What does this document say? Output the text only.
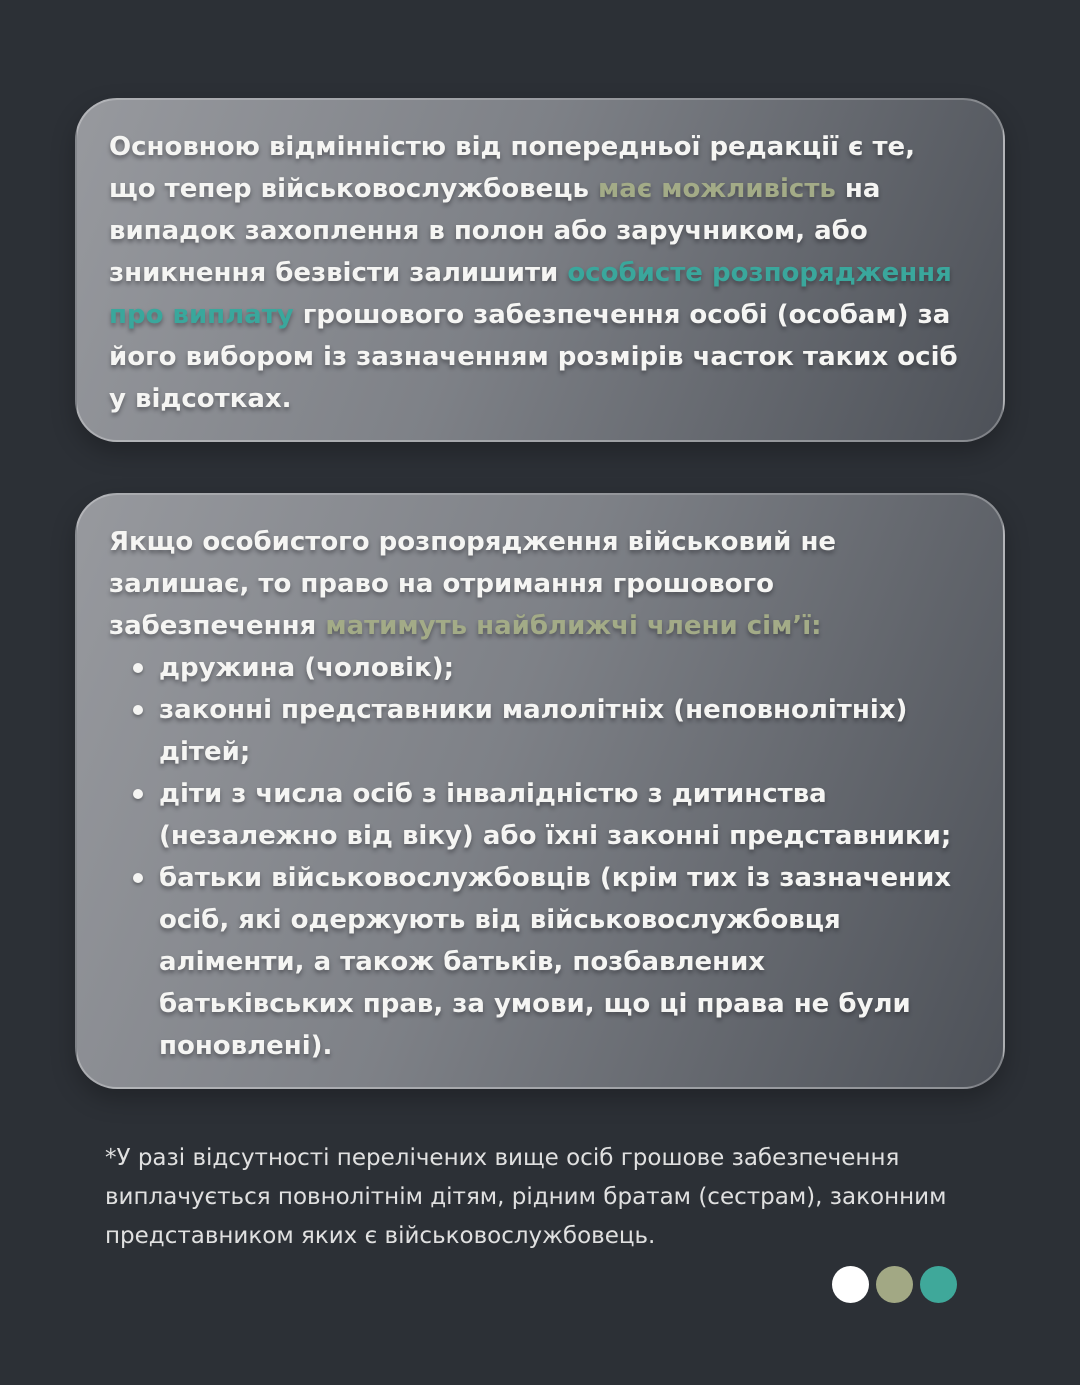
Основною відмінністю від попередньої редакції є те, що тепер військовослужбовець має можливість на випадок захоплення в полон або заручником, або зникнення безвісти залишити особисте розпорядження про виплату грошового забезпечення особі (особам) за його вибором із зазначенням розмірів часток таких осіб у відсотках.

Якщо особистого розпорядження військовий не залишає, то право на отримання грошового забезпечення матимуть найближчі члени сім’ї:

дружина (чоловік);
законні представники малолітніх (неповнолітніх) дітей;
діти з числа осіб з інвалідністю з дитинства (незалежно від віку) або їхні законні представники;
батьки військовослужбовців (крім тих із зазначених осіб, які одержують від військовослужбовця аліменти, а також батьків, позбавлених батьківських прав, за умови, що ці права не були поновлені).

*У разі відсутності перелічених вище осіб грошове забезпечення виплачується повнолітнім дітям, рідним братам (сестрам), законним представником яких є військовослужбовець.
